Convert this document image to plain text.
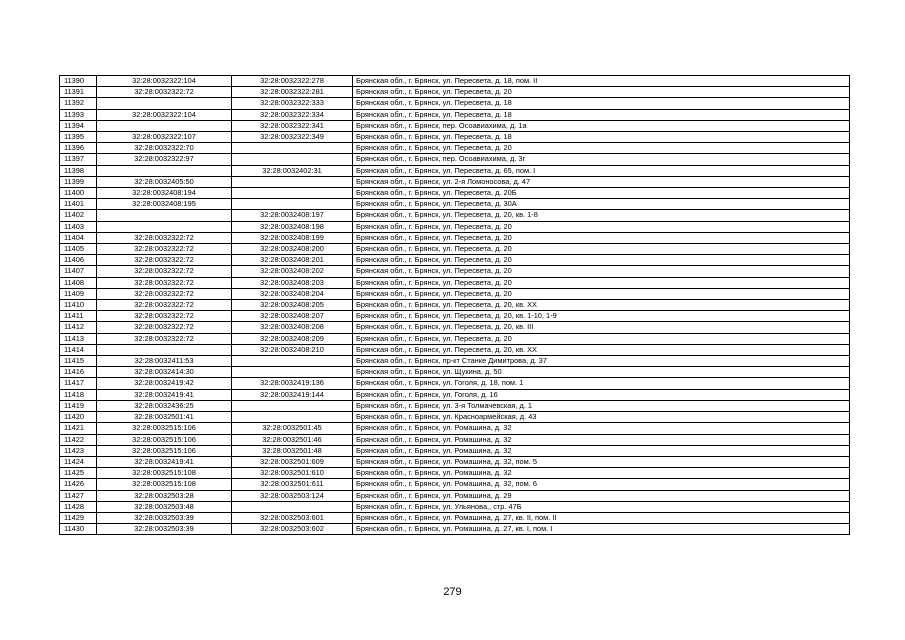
11390	32:28:0032322:104	32:28:0032322:278	Брянская обл., г. Брянск, ул. Пересвета, д. 18, пом. II
11391	32:28:0032322:72	32:28:0032322:281	Брянская обл., г. Брянск, ул. Пересвета, д. 20
11392		32:28:0032322:333	Брянская обл., г. Брянск, ул. Пересвета, д. 18
11393	32:28:0032322:104	32:28:0032322:334	Брянская обл., г. Брянск, ул. Пересвета, д. 18
11394		32:28:0032322:341	Брянская обл., г. Брянск, пер. Осоавиахима, д. 1а
11395	32:28:0032322:107	32:28:0032322:349	Брянская обл., г. Брянск, ул. Пересвета, д. 18
11396	32:28:0032322:70		Брянская обл., г. Брянск, ул. Пересвета, д. 20
11397	32:28:0032322:97		Брянская обл., г. Брянск, пер. Осоавиахима, д. 3г
11398		32:28:0032402:31	Брянская обл., г. Брянск, ул. Пересвета, д. 65, пом. I
11399	32:28:0032405:50		Брянская обл., г. Брянск, ул. 2-я Ломоносова, д. 47
11400	32:28:0032408:194		Брянская обл., г. Брянск, ул. Пересвета, д. 20Б
11401	32:28:0032408:195		Брянская обл., г. Брянск, ул. Пересвета, д. 30А
11402		32:28:0032408:197	Брянская обл., г. Брянск, ул. Пересвета, д. 20, кв. 1-8
11403		32:28:0032408:198	Брянская обл., г. Брянск, ул. Пересвета, д. 20
11404	32:28:0032322:72	32:28:0032408:199	Брянская обл., г. Брянск, ул. Пересвета, д. 20
11405	32:28:0032322:72	32:28:0032408:200	Брянская обл., г. Брянск, ул. Пересвета, д. 20
11406	32:28:0032322:72	32:28:0032408:201	Брянская обл., г. Брянск, ул. Пересвета, д. 20
11407	32:28:0032322:72	32:28:0032408:202	Брянская обл., г. Брянск, ул. Пересвета, д. 20
11408	32:28:0032322:72	32:28:0032408:203	Брянская обл., г. Брянск, ул. Пересвета, д. 20
11409	32:28:0032322:72	32:28:0032408:204	Брянская обл., г. Брянск, ул. Пересвета, д. 20
11410	32:28:0032322:72	32:28:0032408:205	Брянская обл., г. Брянск, ул. Пересвета, д. 20, кв. XX
11411	32:28:0032322:72	32:28:0032408:207	Брянская обл., г. Брянск, ул. Пересвета, д. 20, кв. 1-10, 1-9
11412	32:28:0032322:72	32:28:0032408:208	Брянская обл., г. Брянск, ул. Пересвета, д. 20, кв. III
11413	32:28:0032322:72	32:28:0032408:209	Брянская обл., г. Брянск, ул. Пересвета, д. 20
11414		32:28:0032408:210	Брянская обл., г. Брянск, ул. Пересвета, д. 20, кв. XX
11415	32:28:0032411:53		Брянская обл., г. Брянск, пр-кт Станке Димитрова, д. 37
11416	32:28:0032414:30		Брянская обл., г. Брянск, ул. Щукина, д. 50
11417	32:28:0032419:42	32:28:0032419:136	Брянская обл., г. Брянск, ул. Гоголя, д. 18, пом. 1
11418	32:28:0032419:41	32:28:0032419:144	Брянская обл., г. Брянск, ул. Гоголя, д. 16
11419	32:28:0032436:25		Брянская обл., г. Брянск, ул. 3-я Толмачевская, д. 1
11420	32:28:0032501:41		Брянская обл., г. Брянск, ул. Красноармейская, д. 43
11421	32:28:0032515:106	32:28:0032501:45	Брянская обл., г. Брянск, ул. Ромашина, д. 32
11422	32:28:0032515:106	32:28:0032501:46	Брянская обл., г. Брянск, ул. Ромашина, д. 32
11423	32:28:0032515:106	32:28:0032501:48	Брянская обл., г. Брянск, ул. Ромашина, д. 32
11424	32:28:0032419:41	32:28:0032501:609	Брянская обл., г. Брянск, ул. Ромашина, д. 32, пом. 5
11425	32:28:0032515:108	32:28:0032501:610	Брянская обл., г. Брянск, ул. Ромашина, д. 32
11426	32:28:0032515:108	32:28:0032501:611	Брянская обл., г. Брянск, ул. Ромашина, д. 32, пом. 6
11427	32:28:0032503:28	32:28:0032503:124	Брянская обл., г. Брянск, ул. Ромашина, д. 29
11428	32:28:0032503:48		Брянская обл., г. Брянск, ул. Ульянова,, стр. 47Б
11429	32:28:0032503:39	32:28:0032503:601	Брянская обл., г. Брянск, ул. Ромашина, д. 27, кв. II, пом. II
11430	32:28:0032503:39	32:28:0032503:602	Брянская обл., г. Брянск, ул. Ромашина, д. 27, кв. I, пом. I
279
